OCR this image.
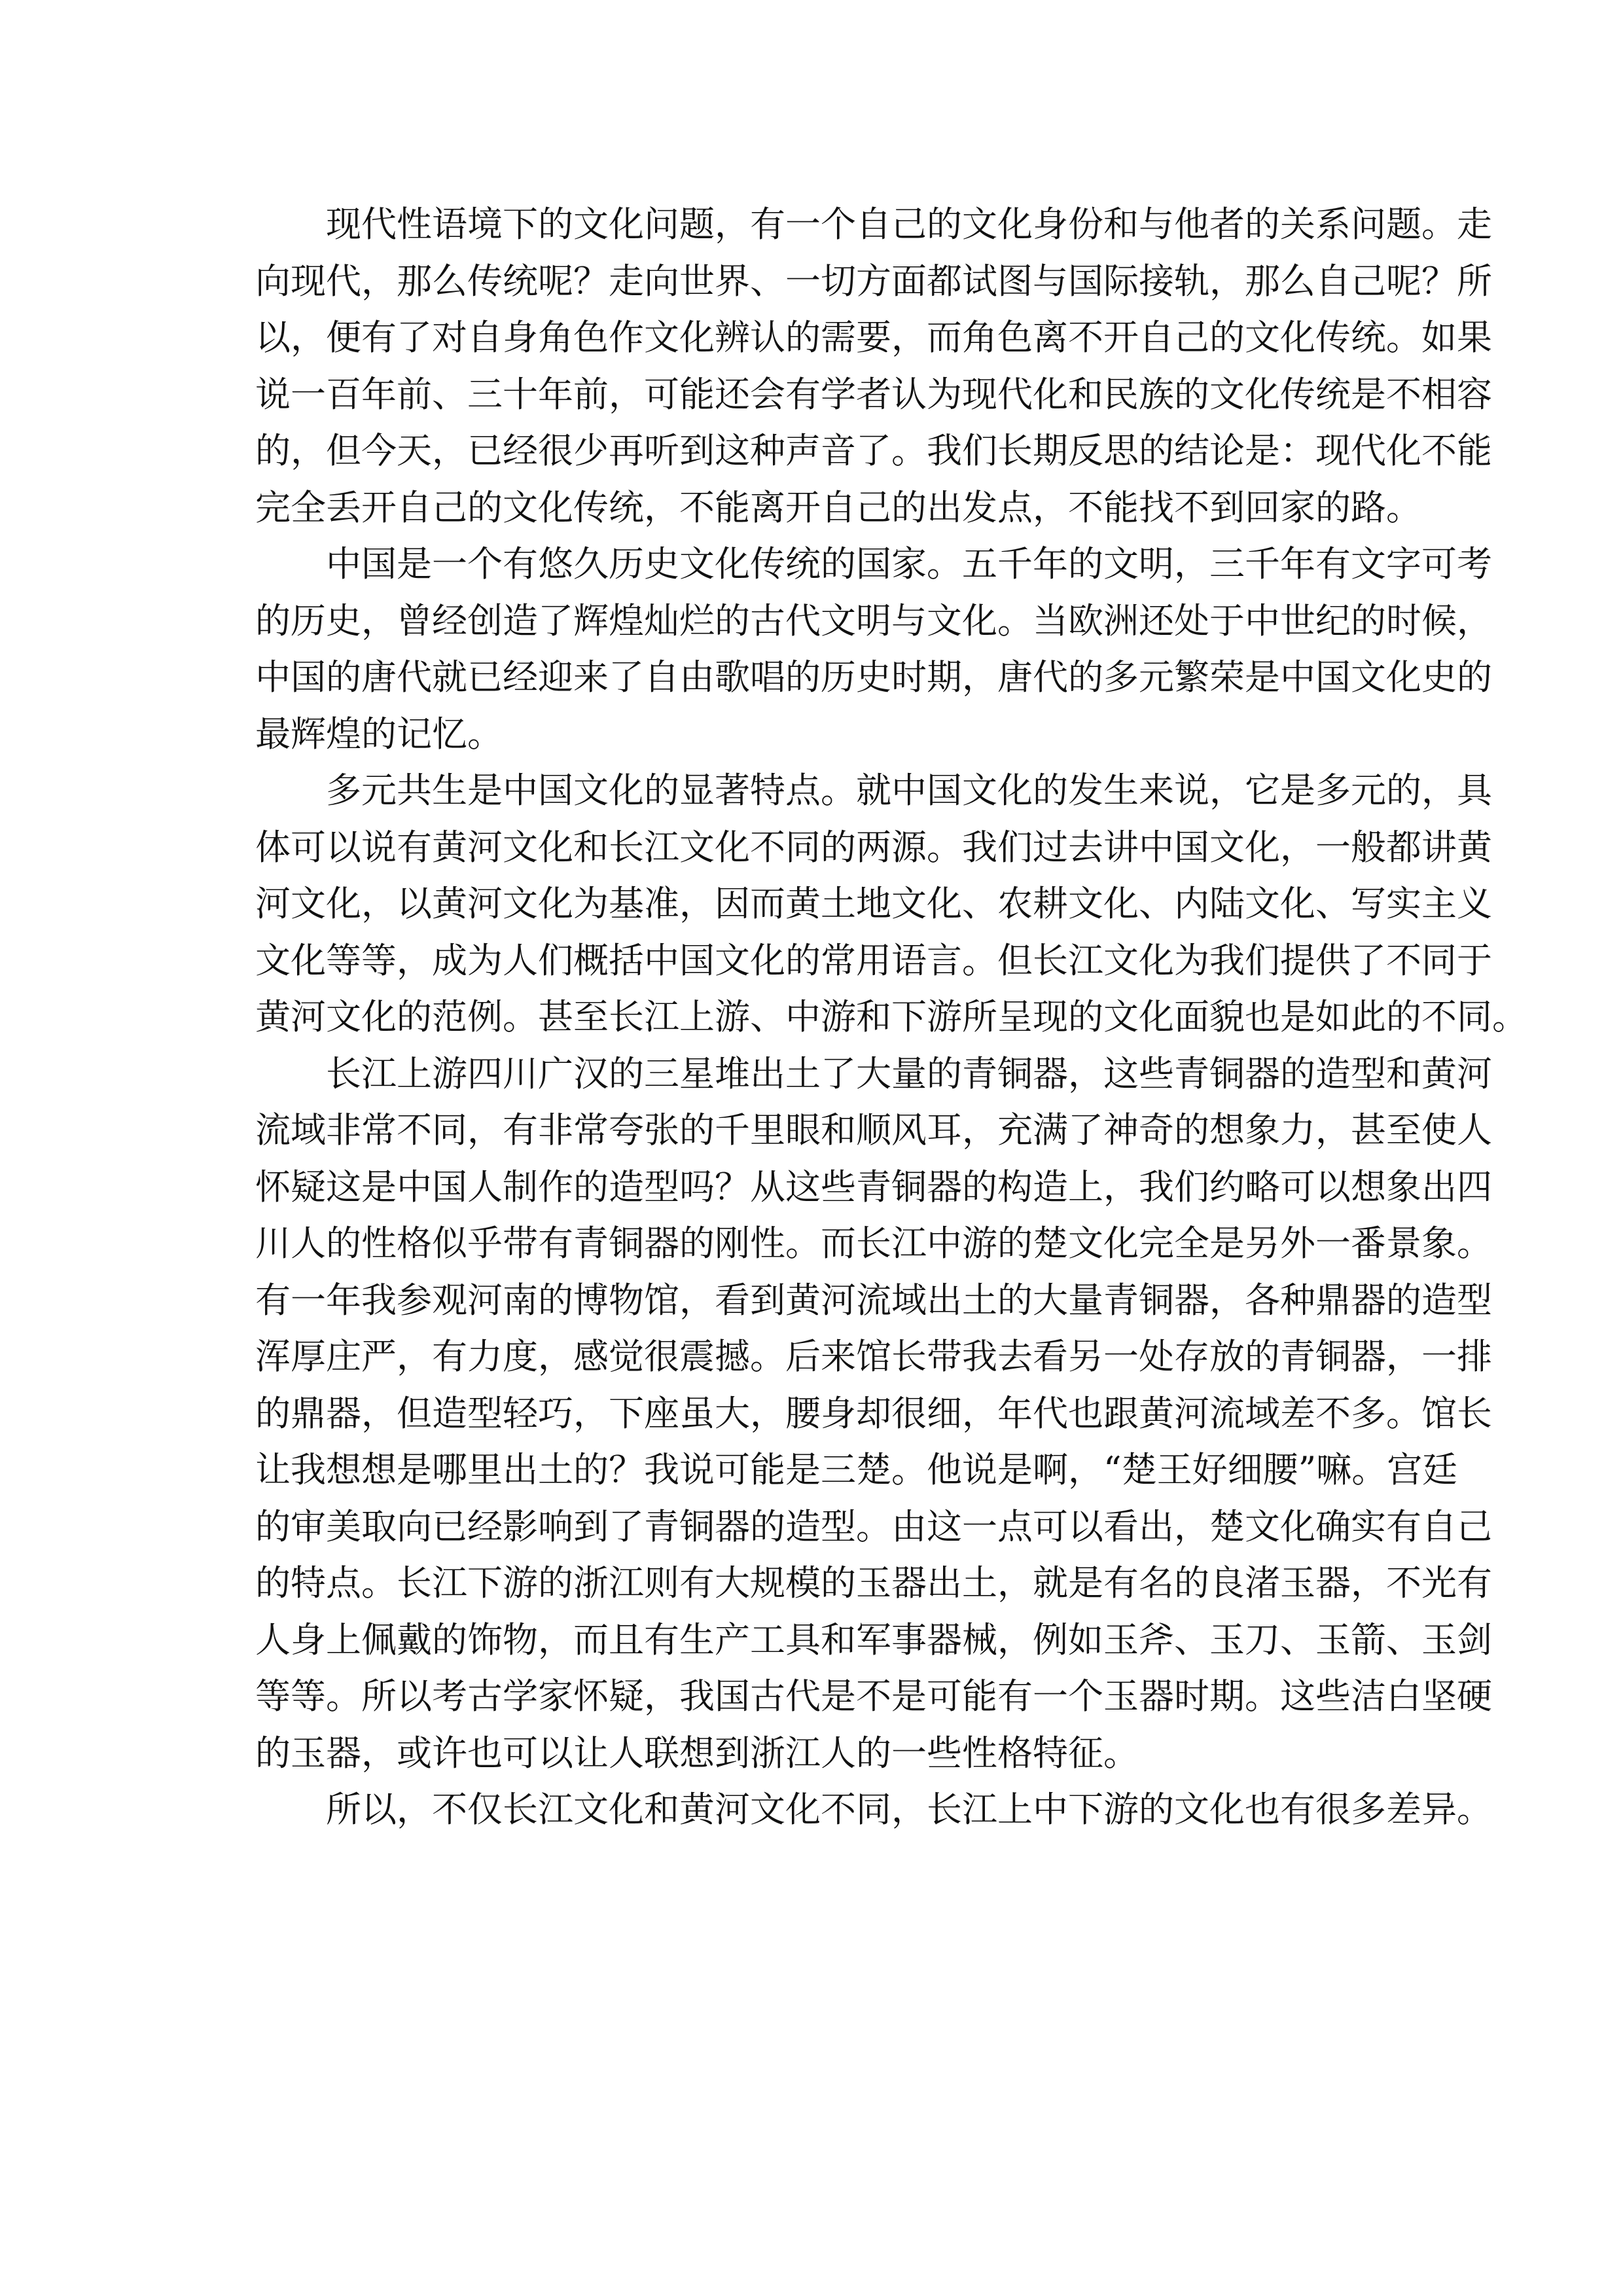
现代性语境下的文化问题，有一个自己的文化身份和与他者的关系问题。走
向现代，那么传统呢？走向世界、一切方面都试图与国际接轨，那么自己呢？所
以，便有了对自身角色作文化辨认的需要，而角色离不开自己的文化传统。如果
说一百年前、三十年前，可能还会有学者认为现代化和民族的文化传统是不相容
的，但今天，已经很少再听到这种声音了。我们长期反思的结论是：现代化不能
完全丢开自己的文化传统，不能离开自己的出发点，不能找不到回家的路。
中国是一个有悠久历史文化传统的国家。五千年的文明，三千年有文字可考
的历史，曾经创造了辉煌灿烂的古代文明与文化。当欧洲还处于中世纪的时候，
中国的唐代就已经迎来了自由歌唱的历史时期，唐代的多元繁荣是中国文化史的
最辉煌的记忆。
多元共生是中国文化的显著特点。就中国文化的发生来说，它是多元的，具
体可以说有黄河文化和长江文化不同的两源。我们过去讲中国文化，一般都讲黄
河文化，以黄河文化为基准，因而黄土地文化、农耕文化、内陆文化、写实主义
文化等等，成为人们概括中国文化的常用语言。但长江文化为我们提供了不同于
黄河文化的范例。甚至长江上游、中游和下游所呈现的文化面貌也是如此的不同。
长江上游四川广汉的三星堆出土了大量的青铜器，这些青铜器的造型和黄河
流域非常不同，有非常夸张的千里眼和顺风耳，充满了神奇的想象力，甚至使人
怀疑这是中国人制作的造型吗？从这些青铜器的构造上，我们约略可以想象出四
川人的性格似乎带有青铜器的刚性。而长江中游的楚文化完全是另外一番景象。
有一年我参观河南的博物馆，看到黄河流域出土的大量青铜器，各种鼎器的造型
浑厚庄严，有力度，感觉很震撼。后来馆长带我去看另一处存放的青铜器，一排
的鼎器，但造型轻巧，下座虽大，腰身却很细，年代也跟黄河流域差不多。馆长
让我想想是哪里出土的？我说可能是三楚。他说是啊，“楚王好细腰”嘛。宫廷
的审美取向已经影响到了青铜器的造型。由这一点可以看出，楚文化确实有自己
的特点。长江下游的浙江则有大规模的玉器出土，就是有名的良渚玉器，不光有
人身上佩戴的饰物，而且有生产工具和军事器械，例如玉斧、玉刀、玉箭、玉剑
等等。所以考古学家怀疑，我国古代是不是可能有一个玉器时期。这些洁白坚硬
的玉器，或许也可以让人联想到浙江人的一些性格特征。
所以，不仅长江文化和黄河文化不同，长江上中下游的文化也有很多差异。
